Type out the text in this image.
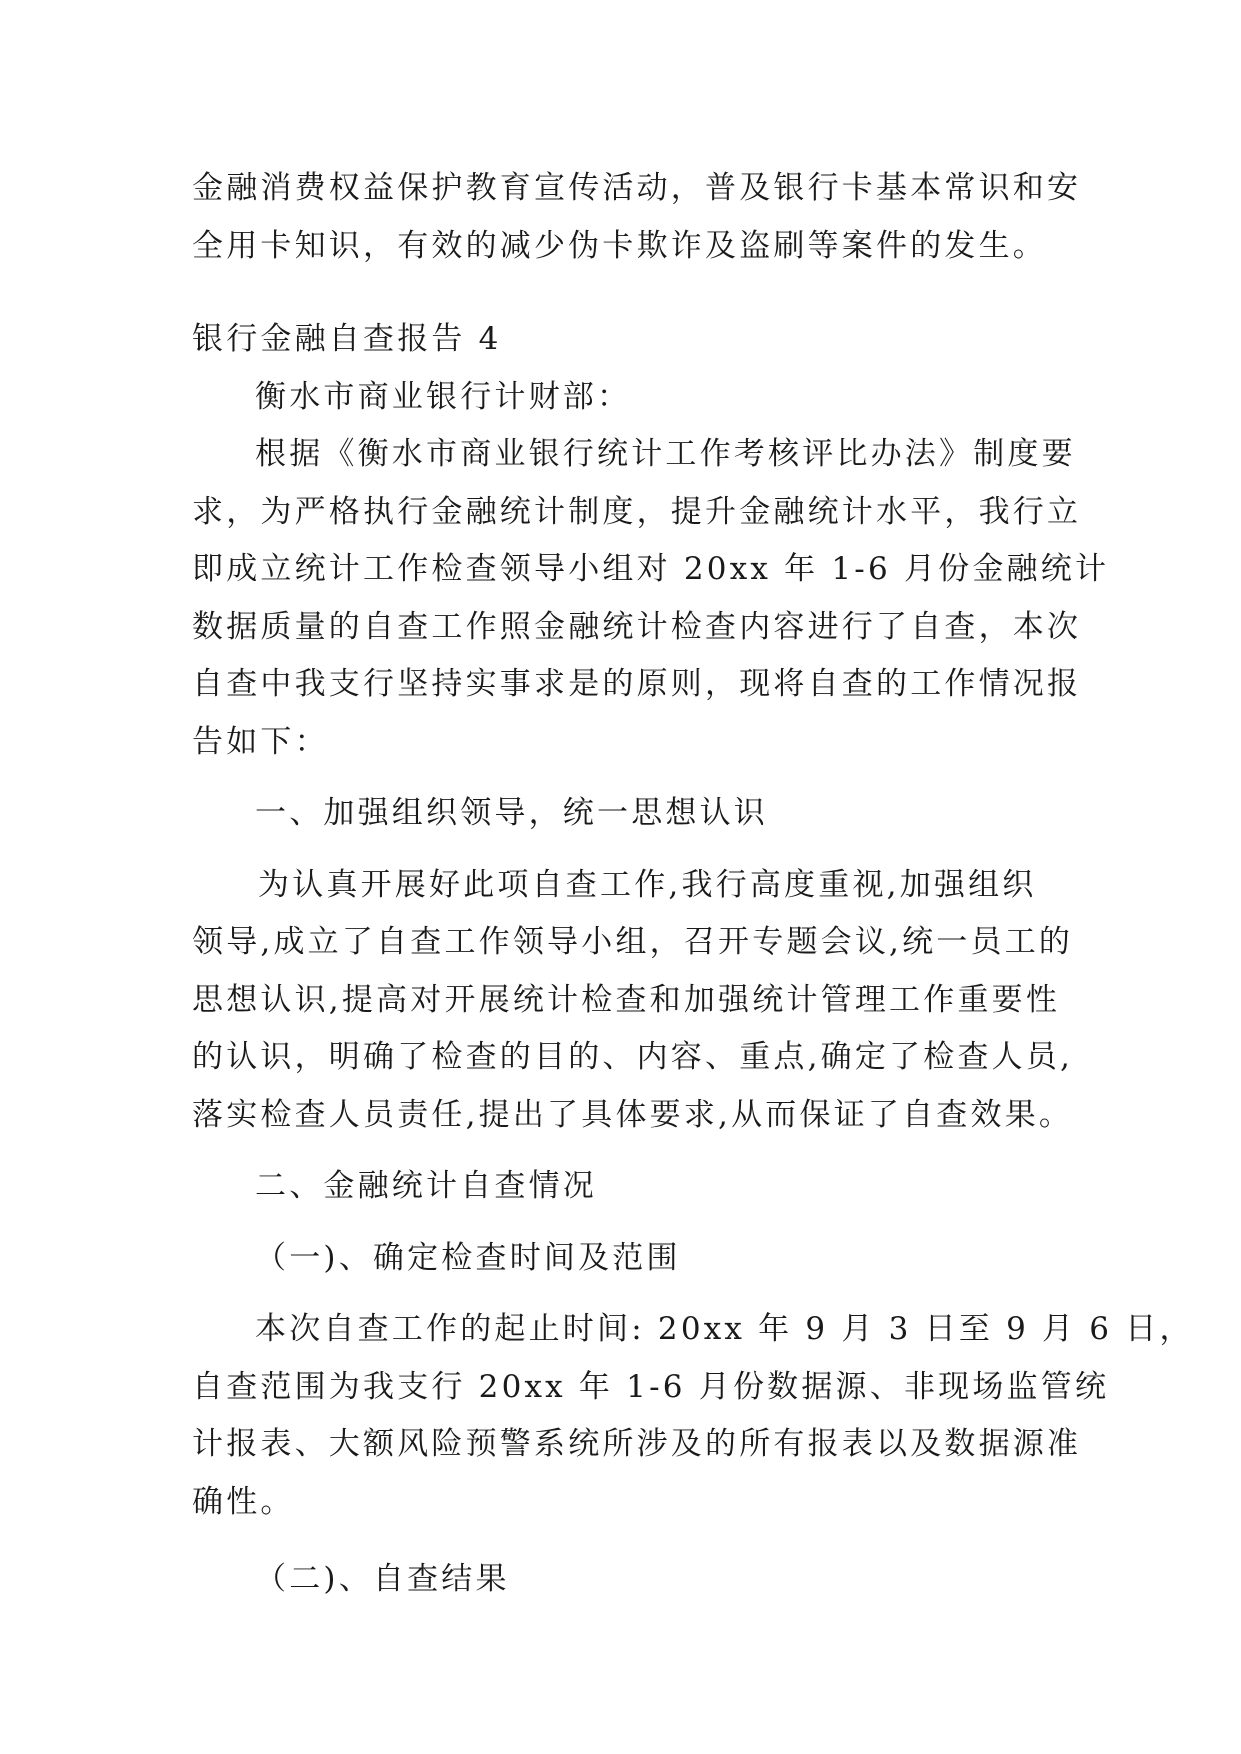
金融消费权益保护教育宣传活动，普及银行卡基本常识和安
全用卡知识，有效的减少伪卡欺诈及盗刷等案件的发生。
银行金融自查报告 4
衡水市商业银行计财部：
根据《衡水市商业银行统计工作考核评比办法》制度要
求，为严格执行金融统计制度，提升金融统计水平，我行立
即成立统计工作检查领导小组对 20xx 年 1-6 月份金融统计
数据质量的自查工作照金融统计检查内容进行了自查，本次
自查中我支行坚持实事求是的原则，现将自查的工作情况报
告如下：
一、加强组织领导，统一思想认识
为认真开展好此项自查工作,我行高度重视,加强组织
领导,成立了自查工作领导小组，召开专题会议,统一员工的
思想认识,提高对开展统计检查和加强统计管理工作重要性
的认识，明确了检查的目的、内容、重点,确定了检查人员,
落实检查人员责任,提出了具体要求,从而保证了自查效果。
二、金融统计自查情况
（一)、确定检查时间及范围
本次自查工作的起止时间: 20xx 年 9 月 3 日至 9 月 6 日，
自查范围为我支行 20xx 年 1-6 月份数据源、非现场监管统
计报表、大额风险预警系统所涉及的所有报表以及数据源准
确性。
（二)、自查结果
